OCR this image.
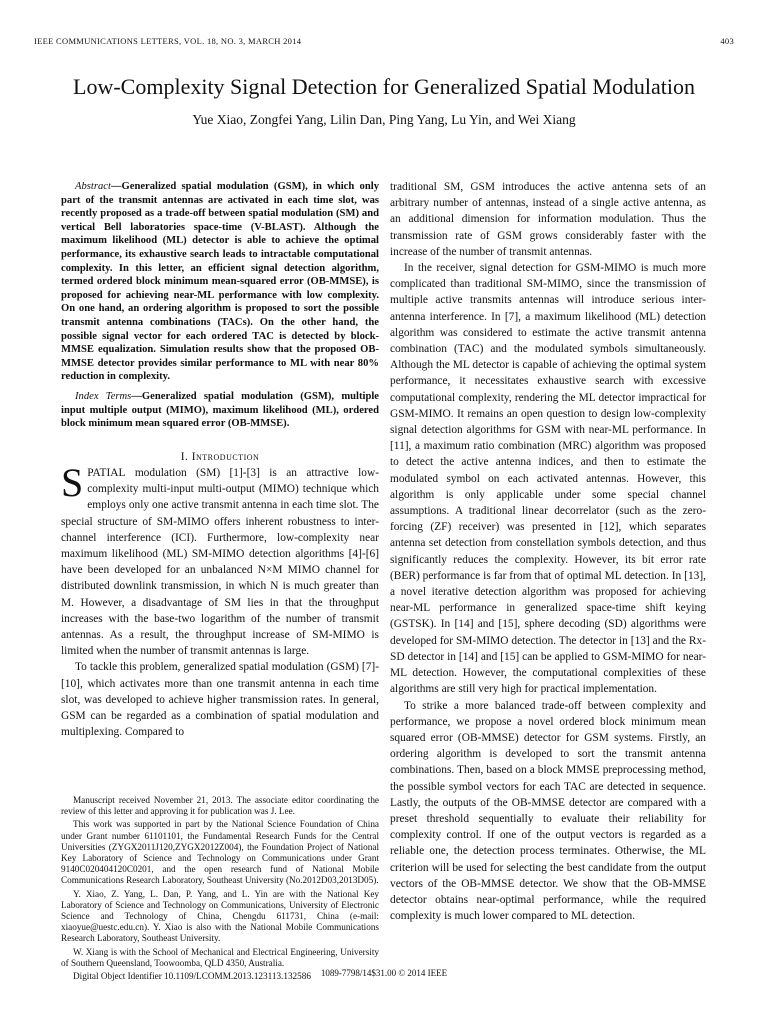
IEEE COMMUNICATIONS LETTERS, VOL. 18, NO. 3, MARCH 2014	403
Low-Complexity Signal Detection for Generalized Spatial Modulation
Yue Xiao, Zongfei Yang, Lilin Dan, Ping Yang, Lu Yin, and Wei Xiang

Abstract—Generalized spatial modulation (GSM), in which only part of the transmit antennas are activated in each time slot, was recently proposed as a trade-off between spatial modulation (SM) and vertical Bell laboratories space-time (V-BLAST). Although the maximum likelihood (ML) detector is able to achieve the optimal performance, its exhaustive search leads to intractable computational complexity. In this letter, an efficient signal detection algorithm, termed ordered block minimum mean-squared error (OB-MMSE), is proposed for achieving near-ML performance with low complexity. On one hand, an ordering algorithm is proposed to sort the possible transmit antenna combinations (TACs). On the other hand, the possible signal vector for each ordered TAC is detected by block-MMSE equalization. Simulation results show that the proposed OB-MMSE detector provides similar performance to ML with near 80% reduction in complexity.

Index Terms—Generalized spatial modulation (GSM), multiple input multiple output (MIMO), maximum likelihood (ML), ordered block minimum mean squared error (OB-MMSE).

I. Introduction

SPATIAL modulation (SM) [1]-[3] is an attractive low-complexity multi-input multi-output (MIMO) technique which employs only one active transmit antenna in each time slot. The special structure of SM-MIMO offers inherent robustness to inter-channel interference (ICI). Furthermore, low-complexity near maximum likelihood (ML) SM-MIMO detection algorithms [4]-[6] have been developed for an unbalanced N×M MIMO channel for distributed downlink transmission, in which N is much greater than M. However, a disadvantage of SM lies in that the throughput increases with the base-two logarithm of the number of transmit antennas. As a result, the throughput increase of SM-MIMO is limited when the number of transmit antennas is large.

To tackle this problem, generalized spatial modulation (GSM) [7]-[10], which activates more than one transmit antenna in each time slot, was developed to achieve higher transmission rates. In general, GSM can be regarded as a combination of spatial modulation and multiplexing. Compared to

Manuscript received November 21, 2013. The associate editor coordinating the review of this letter and approving it for publication was J. Lee.

This work was supported in part by the National Science Foundation of China under Grant number 61101101, the Fundamental Research Funds for the Central Universities (ZYGX2011J120,ZYGX2012Z004), the Foundation Project of National Key Laboratory of Science and Technology on Communications under Grant 9140C020404120C0201, and the open research fund of National Mobile Communications Research Laboratory, Southeast University (No.2012D03,2013D05).

Y. Xiao, Z. Yang, L. Dan, P. Yang, and L. Yin are with the National Key Laboratory of Science and Technology on Communications, University of Electronic Science and Technology of China, Chengdu 611731, China (e-mail: xiaoyue@uestc.edu.cn). Y. Xiao is also with the National Mobile Communications Research Laboratory, Southeast University.

W. Xiang is with the School of Mechanical and Electrical Engineering, University of Southern Queensland, Toowoomba, QLD 4350, Australia.

Digital Object Identifier 10.1109/LCOMM.2013.123113.132586

traditional SM, GSM introduces the active antenna sets of an arbitrary number of antennas, instead of a single active antenna, as an additional dimension for information modulation. Thus the transmission rate of GSM grows considerably faster with the increase of the number of transmit antennas.

In the receiver, signal detection for GSM-MIMO is much more complicated than traditional SM-MIMO, since the transmission of multiple active transmits antennas will introduce serious inter-antenna interference. In [7], a maximum likelihood (ML) detection algorithm was considered to estimate the active transmit antenna combination (TAC) and the modulated symbols simultaneously. Although the ML detector is capable of achieving the optimal system performance, it necessitates exhaustive search with excessive computational complexity, rendering the ML detector impractical for GSM-MIMO. It remains an open question to design low-complexity signal detection algorithms for GSM with near-ML performance. In [11], a maximum ratio combination (MRC) algorithm was proposed to detect the active antenna indices, and then to estimate the modulated symbol on each activated antennas. However, this algorithm is only applicable under some special channel assumptions. A traditional linear decorrelator (such as the zero-forcing (ZF) receiver) was presented in [12], which separates antenna set detection from constellation symbols detection, and thus significantly reduces the complexity. However, its bit error rate (BER) performance is far from that of optimal ML detection. In [13], a novel iterative detection algorithm was proposed for achieving near-ML performance in generalized space-time shift keying (GSTSK). In [14] and [15], sphere decoding (SD) algorithms were developed for SM-MIMO detection. The detector in [13] and the Rx-SD detector in [14] and [15] can be applied to GSM-MIMO for near-ML detection. However, the computational complexities of these algorithms are still very high for practical implementation.

To strike a more balanced trade-off between complexity and performance, we propose a novel ordered block minimum mean squared error (OB-MMSE) detector for GSM systems. Firstly, an ordering algorithm is developed to sort the transmit antenna combinations. Then, based on a block MMSE preprocessing method, the possible symbol vectors for each TAC are detected in sequence. Lastly, the outputs of the OB-MMSE detector are compared with a preset threshold sequentially to evaluate their reliability for complexity control. If one of the output vectors is regarded as a reliable one, the detection process terminates. Otherwise, the ML criterion will be used for selecting the best candidate from the output vectors of the OB-MMSE detector. We show that the OB-MMSE detector obtains near-optimal performance, while the required complexity is much lower compared to ML detection.

1089-7798/14$31.00 © 2014 IEEE
